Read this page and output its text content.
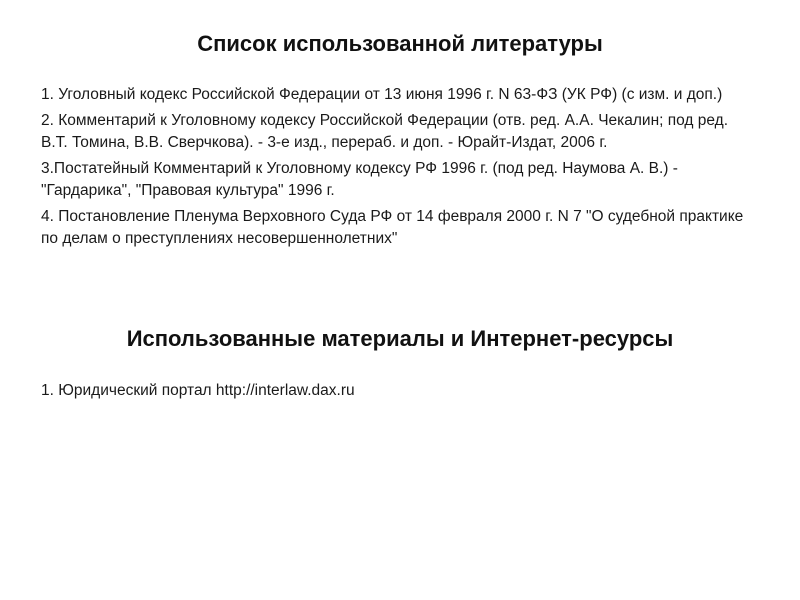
Список использованной литературы
1. Уголовный кодекс Российской Федерации от 13 июня 1996 г. N 63-ФЗ (УК РФ) (с изм. и доп.)
2. Комментарий к Уголовному кодексу Российской Федерации (отв. ред. А.А. Чекалин; под ред. В.Т. Томина, В.В. Сверчкова). - 3-е изд., перераб. и доп. - Юрайт-Издат, 2006 г.
3.Постатейный Комментарий к Уголовному кодексу РФ 1996 г. (под ред. Наумова А. В.) - "Гардарика", "Правовая культура" 1996 г.
4. Постановление Пленума Верховного Суда РФ от 14 февраля 2000 г. N 7 "О судебной практике по делам о преступлениях несовершеннолетних"
Использованные материалы и Интернет-ресурсы
1. Юридический портал http://interlaw.dax.ru
